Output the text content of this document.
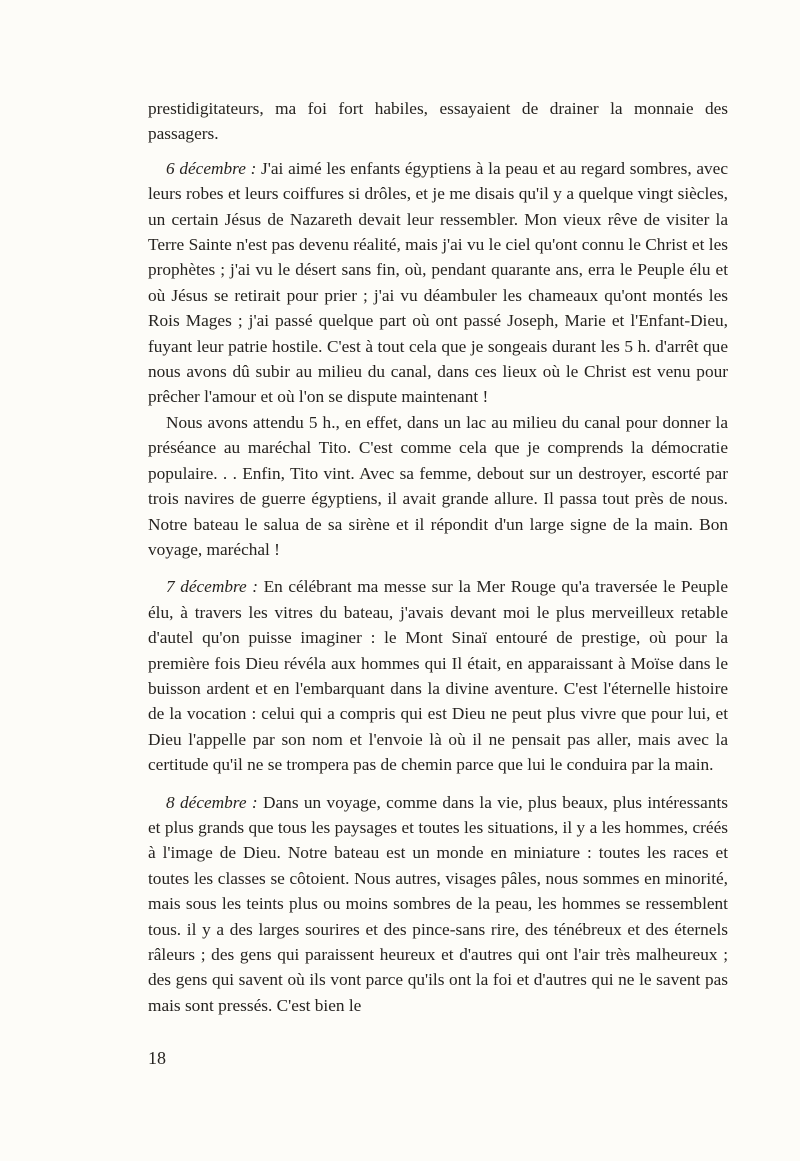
prestidigitateurs, ma foi fort habiles, essayaient de drainer la monnaie des passagers.

6 décembre : J'ai aimé les enfants égyptiens à la peau et au regard sombres, avec leurs robes et leurs coiffures si drôles, et je me disais qu'il y a quelque vingt siècles, un certain Jésus de Nazareth devait leur ressembler. Mon vieux rêve de visiter la Terre Sainte n'est pas devenu réalité, mais j'ai vu le ciel qu'ont connu le Christ et les prophètes ; j'ai vu le désert sans fin, où, pendant quarante ans, erra le Peuple élu et où Jésus se retirait pour prier ; j'ai vu déambuler les chameaux qu'ont montés les Rois Mages ; j'ai passé quelque part où ont passé Joseph, Marie et l'Enfant-Dieu, fuyant leur patrie hostile. C'est à tout cela que je songeais durant les 5 h. d'arrêt que nous avons dû subir au milieu du canal, dans ces lieux où le Christ est venu pour prêcher l'amour et où l'on se dispute maintenant !

Nous avons attendu 5 h., en effet, dans un lac au milieu du canal pour donner la préséance au maréchal Tito. C'est comme cela que je comprends la démocratie populaire. . . Enfin, Tito vint. Avec sa femme, debout sur un destroyer, escorté par trois navires de guerre égyptiens, il avait grande allure. Il passa tout près de nous. Notre bateau le salua de sa sirène et il répondit d'un large signe de la main. Bon voyage, maréchal !

7 décembre : En célébrant ma messe sur la Mer Rouge qu'a traversée le Peuple élu, à travers les vitres du bateau, j'avais devant moi le plus merveilleux retable d'autel qu'on puisse imaginer : le Mont Sinaï entouré de prestige, où pour la première fois Dieu révéla aux hommes qui Il était, en apparaissant à Moïse dans le buisson ardent et en l'embarquant dans la divine aventure. C'est l'éternelle histoire de la vocation : celui qui a compris qui est Dieu ne peut plus vivre que pour lui, et Dieu l'appelle par son nom et l'envoie là où il ne pensait pas aller, mais avec la certitude qu'il ne se trompera pas de chemin parce que lui le conduira par la main.

8 décembre : Dans un voyage, comme dans la vie, plus beaux, plus intéressants et plus grands que tous les paysages et toutes les situations, il y a les hommes, créés à l'image de Dieu. Notre bateau est un monde en miniature : toutes les races et toutes les classes se côtoient. Nous autres, visages pâles, nous sommes en minorité, mais sous les teints plus ou moins sombres de la peau, les hommes se ressemblent tous. il y a des larges sourires et des pince-sans rire, des ténébreux et des éternels râleurs ; des gens qui paraissent heureux et d'autres qui ont l'air très malheureux ; des gens qui savent où ils vont parce qu'ils ont la foi et d'autres qui ne le savent pas mais sont pressés. C'est bien le

18
